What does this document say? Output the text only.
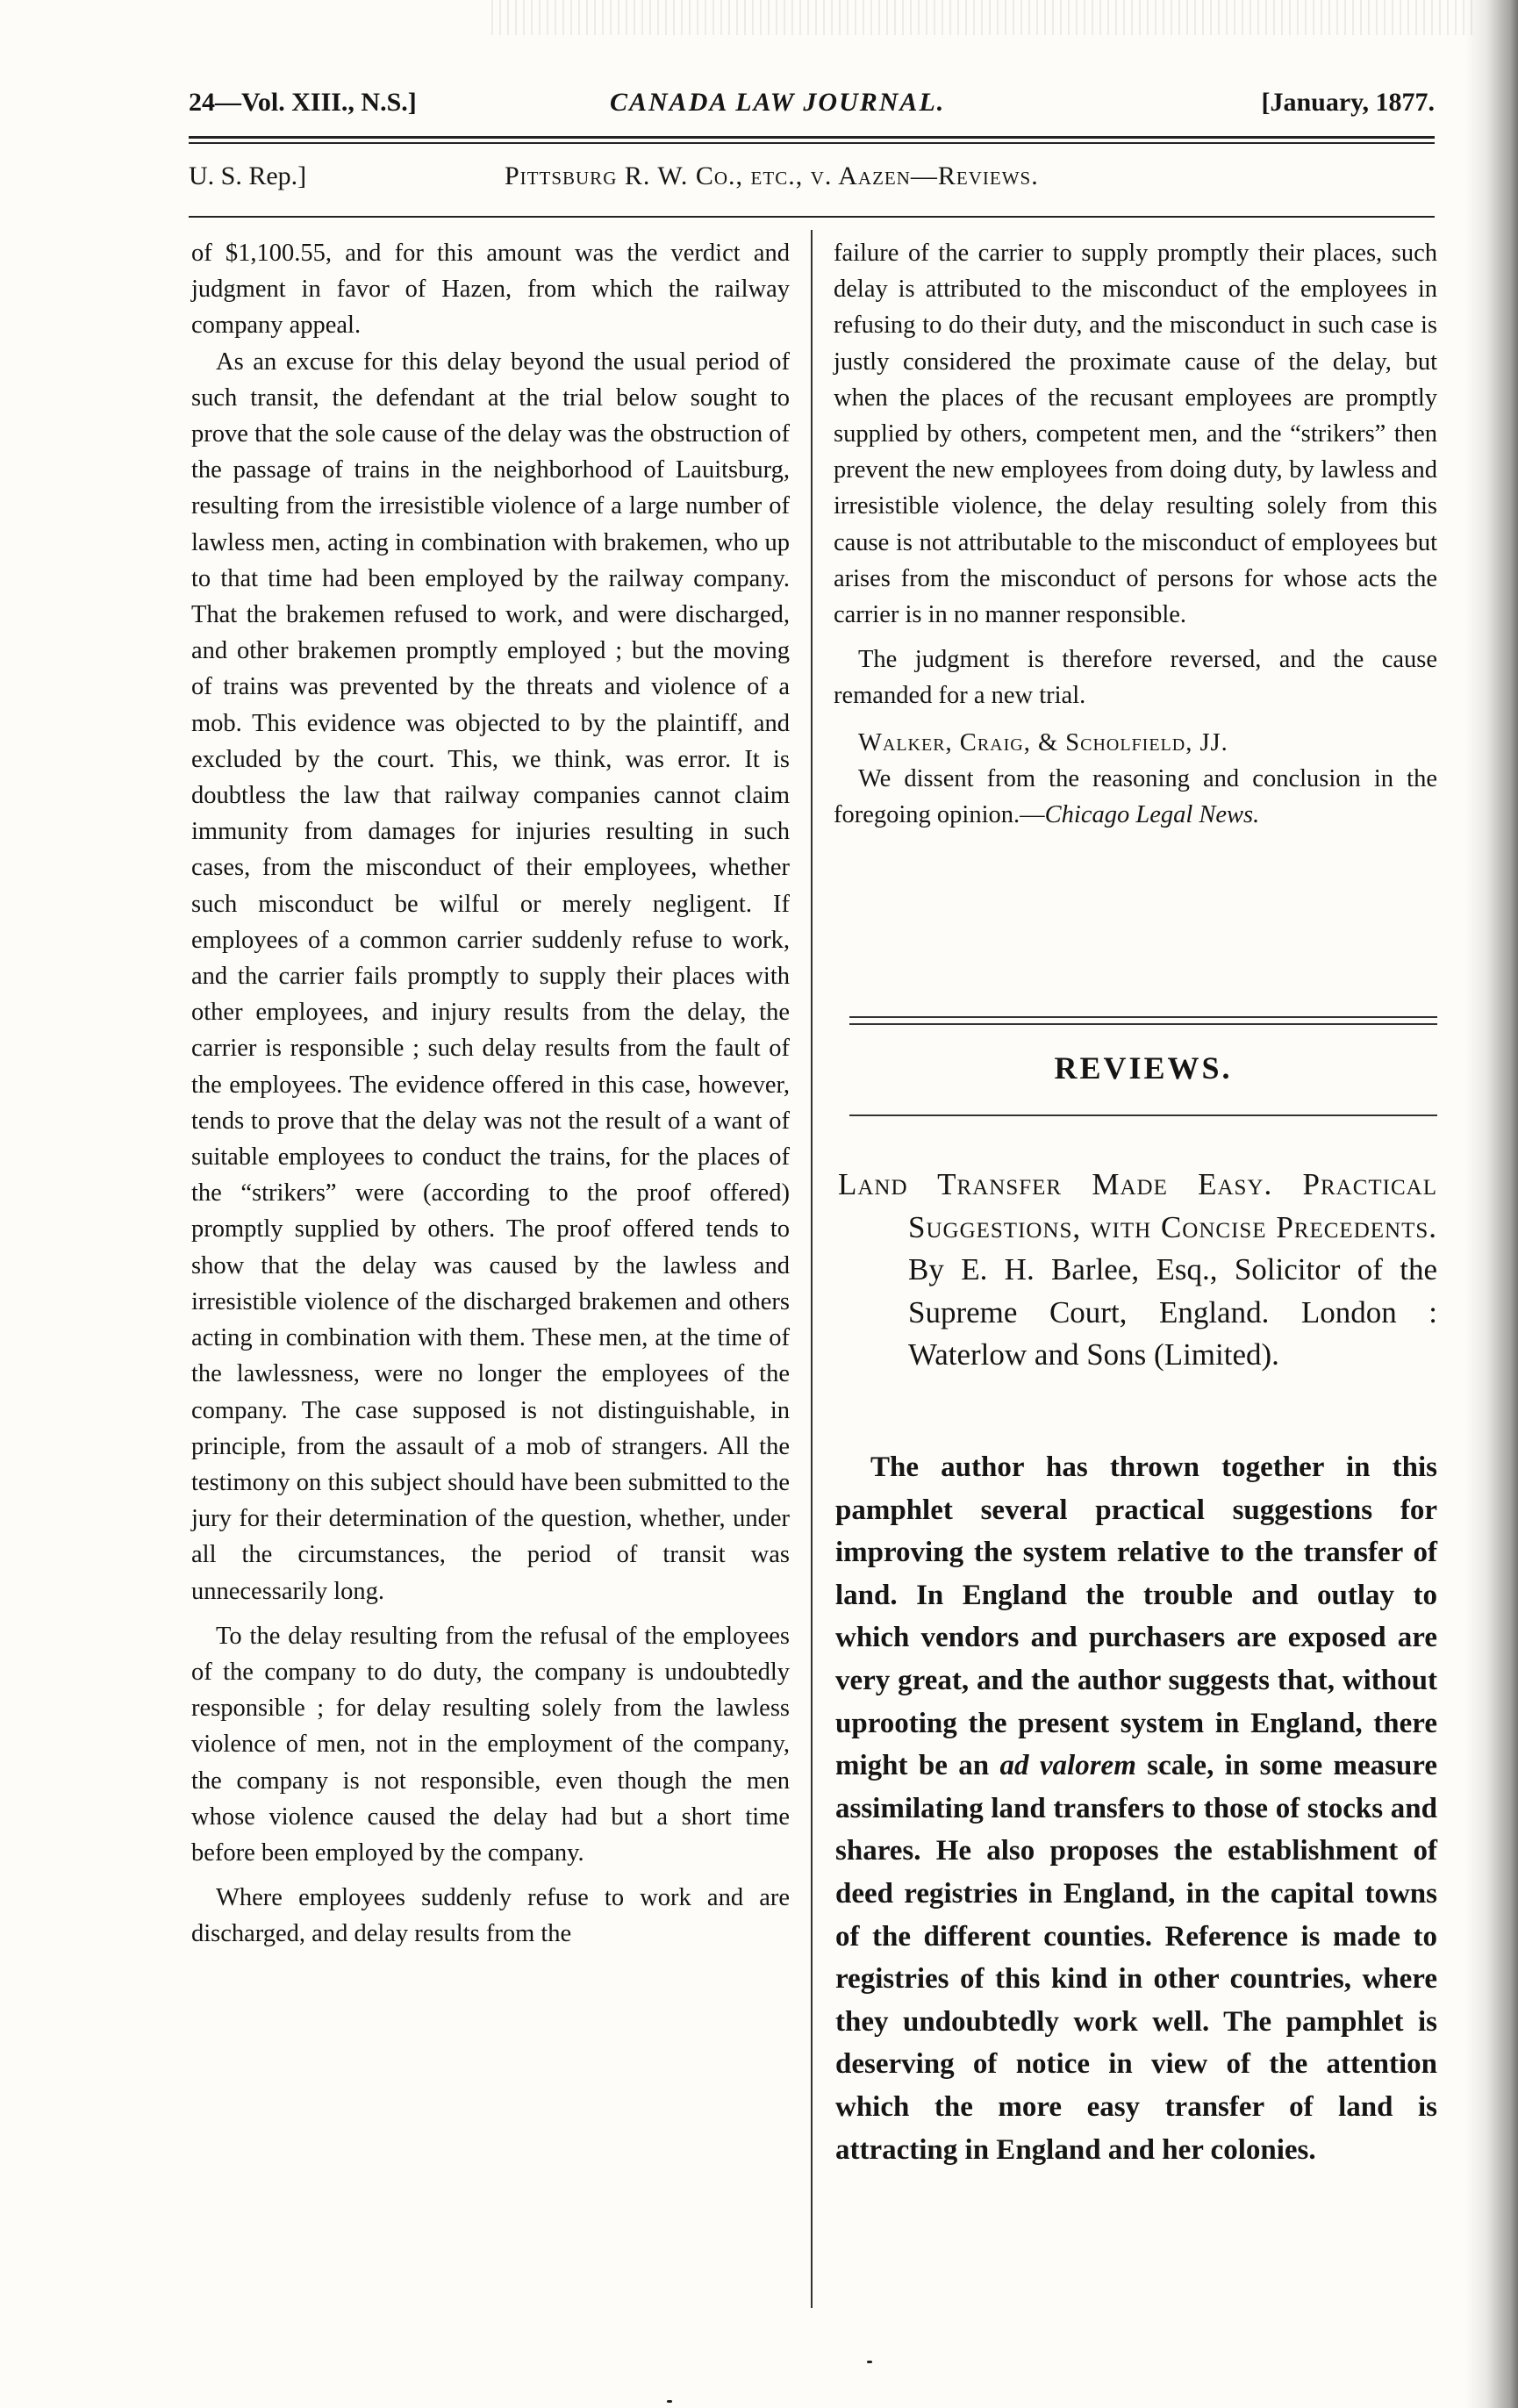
24—Vol. XIII., N.S.]	CANADA LAW JOURNAL.	[January, 1877.
U. S. Rep.]	Pittsburg R. W. Co., etc., v. Aazen—Reviews.

of $1,100.55, and for this amount was the verdict and judgment in favor of Hazen, from which the railway company appeal.

As an excuse for this delay beyond the usual period of such transit, the defendant at the trial below sought to prove that the sole cause of the delay was the obstruction of the passage of trains in the neighborhood of Lauitsburg, resulting from the irresistible violence of a large number of lawless men, acting in combination with brakemen, who up to that time had been employed by the railway company. That the brakemen refused to work, and were discharged, and other brakemen promptly employed ; but the moving of trains was prevented by the threats and violence of a mob. This evidence was objected to by the plaintiff, and excluded by the court. This, we think, was error. It is doubtless the law that railway companies cannot claim immunity from damages for injuries resulting in such cases, from the misconduct of their employees, whether such misconduct be wilful or merely negligent. If employees of a common carrier suddenly refuse to work, and the carrier fails promptly to supply their places with other employees, and injury results from the delay, the carrier is responsible ; such delay results from the fault of the employees. The evidence offered in this case, however, tends to prove that the delay was not the result of a want of suitable employees to conduct the trains, for the places of the “strikers” were (according to the proof offered) promptly supplied by others. The proof offered tends to show that the delay was caused by the lawless and irresistible violence of the discharged brakemen and others acting in combination with them. These men, at the time of the lawlessness, were no longer the employees of the company. The case supposed is not distinguishable, in principle, from the assault of a mob of strangers. All the testimony on this subject should have been submitted to the jury for their determination of the question, whether, under all the circumstances, the period of transit was unnecessarily long.

To the delay resulting from the refusal of the employees of the company to do duty, the company is undoubtedly responsible ; for delay resulting solely from the lawless violence of men, not in the employment of the company, the company is not responsible, even though the men whose violence caused the delay had but a short time before been employed by the company.

Where employees suddenly refuse to work and are discharged, and delay results from the

failure of the carrier to supply promptly their places, such delay is attributed to the misconduct of the employees in refusing to do their duty, and the misconduct in such case is justly considered the proximate cause of the delay, but when the places of the recusant employees are promptly supplied by others, competent men, and the “strikers” then prevent the new employees from doing duty, by lawless and irresistible violence, the delay resulting solely from this cause is not attributable to the misconduct of employees but arises from the misconduct of persons for whose acts the carrier is in no manner responsible.

The judgment is therefore reversed, and the cause remanded for a new trial.

Walker, Craig, & Scholfield, JJ.

We dissent from the reasoning and conclusion in the foregoing opinion.—Chicago Legal News.

REVIEWS.
Land Transfer Made Easy. Practical Suggestions, with Concise Precedents. By E. H. Barlee, Esq., Solicitor of the Supreme Court, England. London : Waterlow and Sons (Limited).

The author has thrown together in this pamphlet several practical suggestions for improving the system relative to the transfer of land. In England the trouble and outlay to which vendors and purchasers are exposed are very great, and the author suggests that, without uprooting the present system in England, there might be an ad valorem scale, in some measure assimilating land transfers to those of stocks and shares. He also proposes the establishment of deed registries in England, in the capital towns of the different counties. Reference is made to registries of this kind in other countries, where they undoubtedly work well. The pamphlet is deserving of notice in view of the attention which the more easy transfer of land is attracting in England and her colonies.
